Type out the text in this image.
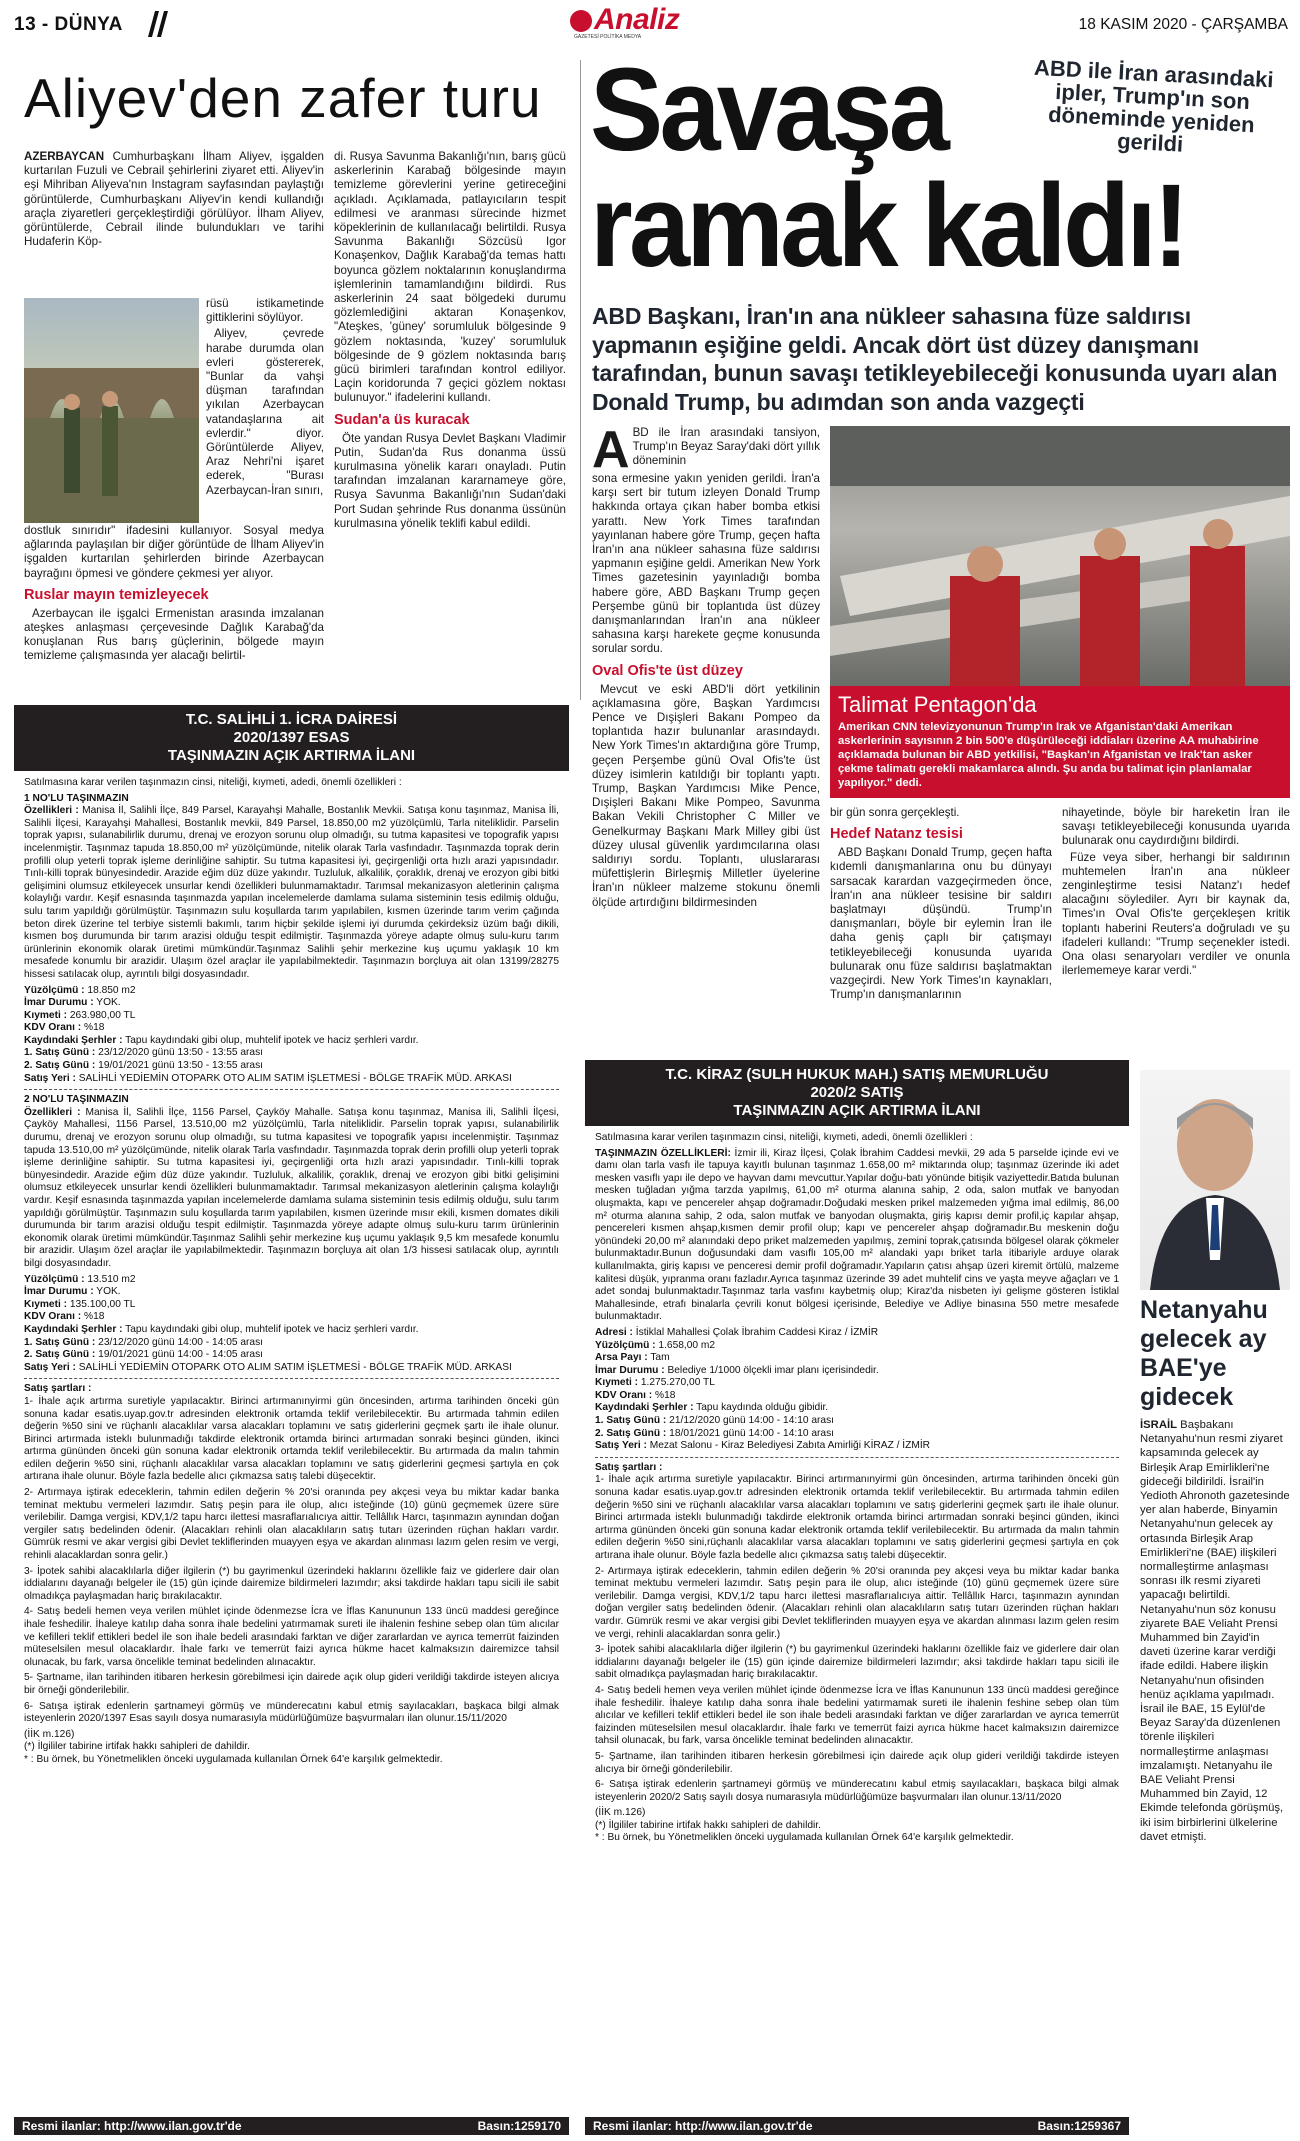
13 - DÜNYA	Analiz
GAZETESİ POLİTİKA MEDYA
18 KASIM 2020 - ÇARŞAMBA
Aliyev'den zafer turu

AZERBAYCAN Cumhurbaşkanı İlham Aliyev, işgalden kurtarılan Fuzuli ve Cebrail şehirlerini ziyaret etti. Aliyev'in eşi Mihriban Aliyeva'nın Instagram sayfasından paylaştığı görüntülerde, Cumhurbaşkanı Aliyev'in kendi kullandığı araçla ziyaretleri gerçekleştirdiği görülüyor. İlham Aliyev, görüntülerde, Cebrail ilinde bulundukları ve tarihi Hudaferin Köp-

rüsü istikametinde gittiklerini söylüyor.

Aliyev, çevrede harabe durumda olan evleri göstererek, "Bunlar da vahşi düşman tarafından yıkılan Azerbaycan vatandaşlarına ait evlerdir." diyor. Görüntülerde Aliyev, Araz Nehri'ni işaret ederek, "Burası Azerbaycan-İran sınırı,

dostluk sınırıdır" ifadesini kullanıyor. Sosyal medya ağlarında paylaşılan bir diğer görüntüde de İlham Aliyev'in işgalden kurtarılan şehirlerden birinde Azerbaycan bayrağını öpmesi ve göndere çekmesi yer alıyor.

Ruslar mayın temizleyecek

Azerbaycan ile işgalci Ermenistan arasında imzalanan ateşkes anlaşması çerçevesinde Dağlık Karabağ'da konuşlanan Rus barış güçlerinin, bölgede mayın temizleme çalışmasında yer alacağı belirtil-

di. Rusya Savunma Bakanlığı'nın, barış gücü askerlerinin Karabağ bölgesinde mayın temizleme görevlerini yerine getireceğini açıkladı. Açıklamada, patlayıcıların tespit edilmesi ve aranması sürecinde hizmet köpeklerinin de kullanılacağı belirtildi. Rusya Savunma Bakanlığı Sözcüsü Igor Konaşenkov, Dağlık Karabağ'da temas hattı boyunca gözlem noktalarının konuşlandırma işlemlerinin tamamlandığını bildirdi. Rus askerlerinin 24 saat bölgedeki durumu gözlemlediğini aktaran Konaşenkov, "Ateşkes, 'güney' sorumluluk bölgesinde 9 gözlem noktasında, 'kuzey' sorumluluk bölgesinde de 9 gözlem noktasında barış gücü birimleri tarafından kontrol ediliyor. Laçin koridorunda 7 geçici gözlem noktası bulunuyor." ifadelerini kullandı.

Sudan'a üs kuracak

Öte yandan Rusya Devlet Başkanı Vladimir Putin, Sudan'da Rus donanma üssü kurulmasına yönelik kararı onayladı. Putin tarafından imzalanan kararnameye göre, Rusya Savunma Bakanlığı'nın Sudan'daki Port Sudan şehrinde Rus donanma üssünün kurulmasına yönelik teklifi kabul edildi.

Savaşa
ramak kaldı!
ABD ile İran arasındaki ipler, Trump'ın son döneminde yeniden gerildi
ABD Başkanı, İran'ın ana nükleer sahasına füze saldırısı yapmanın eşiğine geldi. Ancak dört üst düzey danışmanı tarafından, bunun savaşı tetikleyebileceği konusunda uyarı alan Donald Trump, bu adımdan son anda vazgeçti
A BD ile İran arasındaki tansiyon, Trump'ın Beyaz Saray'daki dört yıllık döneminin

sona ermesine yakın yeniden gerildi. İran'a karşı sert bir tutum izleyen Donald Trump hakkında ortaya çıkan haber bomba etkisi yarattı. New York Times tarafından yayınlanan habere göre Trump, geçen hafta İran'ın ana nükleer sahasına füze saldırısı yapmanın eşiğine geldi. Amerikan New York Times gazetesinin yayınladığı bomba habere göre, ABD Başkanı Trump geçen Perşembe günü bir toplantıda üst düzey danışmanlarından İran'ın ana nükleer sahasına karşı harekete geçme konusunda sorular sordu.

Oval Ofis'te üst düzey

Mevcut ve eski ABD'li dört yetkilinin açıklamasına göre, Başkan Yardımcısı Pence ve Dışişleri Bakanı Pompeo da toplantıda hazır bulunanlar arasındaydı. New York Times'ın aktardığına göre Trump, geçen Perşembe günü Oval Ofis'te üst düzey isimlerin katıldığı bir toplantı yaptı. Trump, Başkan Yardımcısı Mike Pence, Dışişleri Bakanı Mike Pompeo, Savunma Bakan Vekili Christopher C Miller ve Genelkurmay Başkanı Mark Milley gibi üst düzey ulusal güvenlik yardımcılarına olası saldırıyı sordu. Toplantı, uluslararası müfettişlerin Birleşmiş Milletler üyelerine İran'ın nükleer malzeme stokunu önemli ölçüde artırdığını bildirmesinden

Talimat Pentagon'da
Amerikan CNN televizyonunun Trump'ın Irak ve Afganistan'daki Amerikan askerlerinin sayısının 2 bin 500'e düşürüleceği iddiaları üzerine AA muhabirine açıklamada bulunan bir ABD yetkilisi, "Başkan'ın Afganistan ve Irak'tan asker çekme talimatı gerekli makamlarca alındı. Şu anda bu talimat için planlamalar yapılıyor." dedi.

bir gün sonra gerçekleşti.

Hedef Natanz tesisi

ABD Başkanı Donald Trump, geçen hafta kıdemli danışmanlarına onu bu dünyayı sarsacak karardan vazgeçirmeden önce, İran'ın ana nükleer tesisine bir saldırı başlatmayı düşündü. Trump'ın danışmanları, böyle bir eylemin İran ile daha geniş çaplı bir çatışmayı tetikleyebileceği konusunda uyarıda bulunarak onu füze saldırısı başlatmaktan vazgeçirdi. New York Times'ın kaynakları, Trump'ın danışmanlarının

nihayetinde, böyle bir hareketin İran ile savaşı tetikleyebileceği konusunda uyarıda bulunarak onu caydırdığını bildirdi.

Füze veya siber, herhangi bir saldırının muhtemelen İran'ın ana nükleer zenginleştirme tesisi Natanz'ı hedef alacağını söylediler. Ayrı bir kaynak da, Times'ın Oval Ofis'te gerçekleşen kritik toplantı haberini Reuters'a doğruladı ve şu ifadeleri kullandı: "Trump seçenekler istedi. Ona olası senaryoları verdiler ve onunla ilerlememeye karar verdi."

T.C. SALİHLİ 1. İCRA DAİRESİ
2020/1397 ESAS
TAŞINMAZIN AÇIK ARTIRMA İLANI

Satılmasına karar verilen taşınmazın cinsi, niteliği, kıymeti, adedi, önemli özellikleri :

1 NO'LU TAŞINMAZIN

Özellikleri : Manisa İl, Salihli İlçe, 849 Parsel, Karayahşi Mahalle, Bostanlık Mevkii. Satışa konu taşınmaz, Manisa İli, Salihli İlçesi, Karayahşi Mahallesi, Bostanlık mevkii, 849 Parsel, 18.850,00 m2 yüzölçümlü, Tarla niteliklidir. Parselin toprak yapısı, sulanabilirlik durumu, drenaj ve erozyon sorunu olup olmadığı, su tutma kapasitesi ve topografik yapısı incelenmiştir. Taşınmaz tapuda 18.850,00 m² yüzölçümünde, nitelik olarak Tarla vasfındadır. Taşınmazda toprak derin profilli olup yeterli toprak işleme derinliğine sahiptir. Su tutma kapasitesi iyi, geçirgenliği orta hızlı arazi yapısındadır. Tınlı-killi toprak bünyesindedir. Arazide eğim düz düze yakındır. Tuzluluk, alkalilik, çoraklık, drenaj ve erozyon gibi bitki gelişimini olumsuz etkileyecek unsurlar kendi özellikleri bulunmamaktadır. Tarımsal mekanizasyon aletlerinin çalışma kolaylığı vardır. Keşif esnasında taşınmazda yapılan incelemelerde damlama sulama sisteminin tesis edilmiş olduğu, sulu tarım yapıldığı görülmüştür. Taşınmazın sulu koşullarda tarım yapılabilen, kısmen üzerinde tarım verim çağında beton direk üzerine tel terbiye sistemli bakımlı, tarım hiçbir şekilde işlemi iyi durumda çekirdeksiz üzüm bağı dikili, kısmen boş durumunda bir tarım arazisi olduğu tespit edilmiştir. Taşınmazda yöreye adapte olmuş sulu-kuru tarım ürünlerinin ekonomik olarak üretimi mümkündür.Taşınmaz Salihli şehir merkezine kuş uçumu yaklaşık 10 km mesafede konumlu bir arazidir. Ulaşım özel araçlar ile yapılabilmektedir. Taşınmazın borçluya ait olan 13199/28275 hissesi satılacak olup, ayrıntılı bilgi dosyasındadır.

Yüzölçümü : 18.850 m2
İmar Durumu : YOK.
Kıymeti : 263.980,00 TL
KDV Oranı : %18
Kaydındaki Şerhler : Tapu kaydındaki gibi olup, muhtelif ipotek ve haciz şerhleri vardır.
1. Satış Günü : 23/12/2020 günü 13:50 - 13:55 arası
2. Satış Günü : 19/01/2021 günü 13:50 - 13:55 arası

Satış Yeri : SALİHLİ YEDİEMİN OTOPARK OTO ALIM SATIM İŞLETMESİ - BÖLGE TRAFİK MÜD. ARKASI

2 NO'LU TAŞINMAZIN

Özellikleri : Manisa İl, Salihli İlçe, 1156 Parsel, Çayköy Mahalle. Satışa konu taşınmaz, Manisa ili, Salihli İlçesi, Çayköy Mahallesi, 1156 Parsel, 13.510,00 m2 yüzölçümlü, Tarla niteliklidir. Parselin toprak yapısı, sulanabilirlik durumu, drenaj ve erozyon sorunu olup olmadığı, su tutma kapasitesi ve topografik yapısı incelenmiştir. Taşınmaz tapuda 13.510,00 m² yüzölçümünde, nitelik olarak Tarla vasfındadır. Taşınmazda toprak derin profilli olup yeterli toprak işleme derinliğine sahiptir. Su tutma kapasitesi iyi, geçirgenliği orta hızlı arazi yapısındadır. Tınlı-killi toprak bünyesindedir. Arazide eğim düz düze yakındır. Tuzluluk, alkalilik, çoraklık, drenaj ve erozyon gibi bitki gelişimini olumsuz etkileyecek unsurlar kendi özellikleri bulunmamaktadır. Tarımsal mekanizasyon aletlerinin çalışma kolaylığı vardır. Keşif esnasında taşınmazda yapılan incelemelerde damlama sulama sisteminin tesis edilmiş olduğu, sulu tarım yapıldığı görülmüştür. Taşınmazın sulu koşullarda tarım yapılabilen, kısmen üzerinde mısır ekili, kısmen domates dikili durumunda bir tarım arazisi olduğu tespit edilmiştir. Taşınmazda yöreye adapte olmuş sulu-kuru tarım ürünlerinin ekonomik olarak üretimi mümkündür.Taşınmaz Salihli şehir merkezine kuş uçumu yaklaşık 9,5 km mesafede konumlu bir arazidir. Ulaşım özel araçlar ile yapılabilmektedir. Taşınmazın borçluya ait olan 1/3 hissesi satılacak olup, ayrıntılı bilgi dosyasındadır.

Yüzölçümü : 13.510 m2
İmar Durumu : YOK.
Kıymeti : 135.100,00 TL
KDV Oranı : %18
Kaydındaki Şerhler : Tapu kaydındaki gibi olup, muhtelif ipotek ve haciz şerhleri vardır.
1. Satış Günü : 23/12/2020 günü 14:00 - 14:05 arası
2. Satış Günü : 19/01/2021 günü 14:00 - 14:05 arası

Satış Yeri : SALİHLİ YEDİEMİN OTOPARK OTO ALIM SATIM İŞLETMESİ - BÖLGE TRAFİK MÜD. ARKASI

Satış şartları :

1- İhale açık artırma suretiyle yapılacaktır. Birinci artırmanınyirmi gün öncesinden, artırma tarihinden önceki gün sonuna kadar esatis.uyap.gov.tr adresinden elektronik ortamda teklif verilebilecektir. Bu artırmada tahmin edilen değerin %50 sini ve rüçhanlı alacaklılar varsa alacakları toplamını ve satış giderlerini geçmek şartı ile ihale olunur. Birinci artırmada isteklı bulunmadığı takdirde elektronik ortamda birinci artırmadan sonraki beşinci günden, ikinci artırma gününden önceki gün sonuna kadar elektronik ortamda teklif verilebilecektir. Bu artırmada da malın tahmin edilen değerin %50 sini, rüçhanlı alacaklılar varsa alacakları toplamını ve satış giderlerini geçmesi şartıyla en çok artırana ihale olunur. Böyle fazla bedelle alıcı çıkmazsa satış talebi düşecektir.

2- Artırmaya iştirak edeceklerin, tahmin edilen değerin % 20'si oranında pey akçesi veya bu miktar kadar banka teminat mektubu vermeleri lazımdır. Satış peşin para ile olup, alıcı isteğinde (10) günü geçmemek üzere süre verilebilir. Damga vergisi, KDV,1/2 tapu harcı ilettesi masraflarıalıcıya aittir. Tellâllık Harcı, taşınmazın aynından doğan vergiler satış bedelinden ödenir. (Alacakları rehinli olan alacaklıların satış tutarı üzerinden rüçhan hakları vardır. Gümrük resmi ve akar vergisi gibi Devlet tekliflerinden muayyen eşya ve akardan alınması lazım gelen resim ve vergi, rehinli alacaklardan sonra gelir.)

3- İpotek sahibi alacaklılarla diğer ilgilerin (*) bu gayrimenkul üzerindeki haklarını özellikle faiz ve giderlere dair olan iddialarını dayanağı belgeler ile (15) gün içinde dairemize bildirmeleri lazımdır; aksi takdirde hakları tapu sicili ile sabit olmadıkça paylaşmadan hariç bırakılacaktır.

4- Satış bedeli hemen veya verilen mühlet içinde ödenmezse İcra ve İflas Kanununun 133 üncü maddesi gereğince ihale feshedilir. İhaleye katılıp daha sonra ihale bedelini yatırmamak sureti ile ihalenin feshine sebep olan tüm alıcılar ve kefilleri teklif ettikleri bedel ile son ihale bedeli arasındaki farktan ve diğer zararlardan ve ayrıca temerrüt faizinden müteselsilen mesul olacaklardır. İhale farkı ve temerrüt faizi ayrıca hükme hacet kalmaksızın dairemizce tahsil olunacak, bu fark, varsa öncelikle teminat bedelinden alınacaktır.

5- Şartname, ilan tarihinden itibaren herkesin görebilmesi için dairede açık olup gideri verildiği takdirde isteyen alıcıya bir örneği gönderilebilir.

6- Satışa iştirak edenlerin şartnameyi görmüş ve münderecatını kabul etmiş sayılacakları, başkaca bilgi almak isteyenlerin 2020/1397 Esas sayılı dosya numarasıyla müdürlüğümüze başvurmaları ilan olunur.15/11/2020

(İİK m.126)
(*) İlgililer tabirine irtifak hakkı sahipleri de dahildir.
* : Bu örnek, bu Yönetmeliklen önceki uygulamada kullanılan Örnek 64'e karşılık gelmektedir.
Resmi ilanlar: http://www.ilan.gov.tr'de	Basın:1259170
T.C. KİRAZ (SULH HUKUK MAH.) SATIŞ MEMURLUĞU
2020/2 SATIŞ
TAŞINMAZIN AÇIK ARTIRMA İLANI

Satılmasına karar verilen taşınmazın cinsi, niteliği, kıymeti, adedi, önemli özellikleri :

TAŞINMAZIN ÖZELLİKLERİ: İzmir ili, Kiraz İlçesi, Çolak İbrahim Caddesi mevkii, 29 ada 5 parselde içinde evi ve damı olan tarla vasfı ile tapuya kayıtlı bulunan taşınmaz 1.658,00 m² miktarında olup; taşınmaz üzerinde iki adet mesken vasıflı yapı ile depo ve hayvan damı mevcuttur.Yapılar doğu-batı yönünde bitişik vaziyettedir.Batıda bulunan mesken tuğladan yığma tarzda yapılmış, 61,00 m² oturma alanına sahip, 2 oda, salon mutfak ve banyodan oluşmakta, kapı ve pencereler ahşap doğramadır.Doğudaki mesken prikel malzemeden yığma imal edilmiş, 86,00 m² oturma alanına sahip, 2 oda, salon mutfak ve banyodan oluşmakta, giriş kapısı demir profil,iç kapılar ahşap, pencereleri kısmen ahşap,kısmen demir profil olup; kapı ve pencereler ahşap doğramadır.Bu meskenin doğu yönündeki 20,00 m² alanındaki depo priket malzemeden yapılmış, zemini toprak,çatısında bölgesel olarak çökmeler bulunmaktadır.Bunun doğusundaki dam vasıflı 105,00 m² alandaki yapı briket tarla itibariyle arduye olarak kullanılmakta, giriş kapısı ve penceresi demir profil doğramadır.Yapıların çatısı ahşap üzeri kiremit örtülü, malzeme kalitesi düşük, yıpranma oranı fazladır.Ayrıca taşınmaz üzerinde 39 adet muhtelif cins ve yaşta meyve ağaçları ve 1 adet sondaj bulunmaktadır.Taşınmaz tarla vasfını kaybetmiş olup; Kiraz'da nisbeten iyi gelişme gösteren İstiklal Mahallesinde, etrafı binalarla çevrili konut bölgesi içerisinde, Belediye ve Adliye binasına 550 metre mesafede bulunmaktadır.

Adresi : İstiklal Mahallesi Çolak İbrahim Caddesi Kiraz / İZMİR
Yüzölçümü : 1.658,00 m2
Arsa Payı : Tam
İmar Durumu : Belediye 1/1000 ölçekli imar planı içerisindedir.
Kıymeti : 1.275.270,00 TL
KDV Oranı : %18
Kaydındaki Şerhler : Tapu kaydında olduğu gibidir.
1. Satış Günü : 21/12/2020 günü 14:00 - 14:10 arası
2. Satış Günü : 18/01/2021 günü 14:00 - 14:10 arası

Satış Yeri : Mezat Salonu - Kiraz Belediyesi Zabıta Amirliği KİRAZ / İZMİR

Satış şartları :

1- İhale açık artırma suretiyle yapılacaktır. Birinci artırmanınyirmi gün öncesinden, artırma tarihinden önceki gün sonuna kadar esatis.uyap.gov.tr adresinden elektronik ortamda teklif verilebilecektir. Bu artırmada tahmin edilen değerin %50 sini ve rüçhanlı alacaklılar varsa alacakları toplamını ve satış giderlerini geçmek şartı ile ihale olunur. Birinci artırmada isteklı bulunmadığı takdirde elektronik ortamda birinci artırmadan sonraki beşinci günden, ikinci artırma gününden önceki gün sonuna kadar elektronik ortamda teklif verilebilecektir. Bu artırmada da malın tahmin edilen değerin %50 sini,rüçhanlı alacaklılar varsa alacakları toplamını ve satış giderlerini geçmesi şartıyla en çok artırana ihale olunur. Böyle fazla bedelle alıcı çıkmazsa satış talebi düşecektir.

2- Artırmaya iştirak edeceklerin, tahmin edilen değerin % 20'si oranında pey akçesi veya bu miktar kadar banka teminat mektubu vermeleri lazımdır. Satış peşin para ile olup, alıcı isteğinde (10) günü geçmemek üzere süre verilebilir. Damga vergisi, KDV,1/2 tapu harcı ilettesi masraflarıalıcıya aittir. Tellâllık Harcı, taşınmazın aynından doğan vergiler satış bedelinden ödenir. (Alacakları rehinli olan alacaklıların satış tutarı üzerinden rüçhan hakları vardır. Gümrük resmi ve akar vergisi gibi Devlet tekliflerinden muayyen eşya ve akardan alınması lazım gelen resim ve vergi, rehinli alacaklardan sonra gelir.)

3- İpotek sahibi alacaklılarla diğer ilgilerin (*) bu gayrimenkul üzerindeki haklarını özellikle faiz ve giderlere dair olan iddialarını dayanağı belgeler ile (15) gün içinde dairemize bildirmeleri lazımdır; aksi takdirde hakları tapu sicili ile sabit olmadıkça paylaşmadan hariç bırakılacaktır.

4- Satış bedeli hemen veya verilen mühlet içinde ödenmezse İcra ve İflas Kanununun 133 üncü maddesi gereğince ihale feshedilir. İhaleye katılıp daha sonra ihale bedelini yatırmamak sureti ile ihalenin feshine sebep olan tüm alıcılar ve kefilleri teklif ettikleri bedel ile son ihale bedeli arasındaki farktan ve diğer zararlardan ve ayrıca temerrüt faizinden müteselsilen mesul olacaklardır. İhale farkı ve temerrüt faizi ayrıca hükme hacet kalmaksızın dairemizce tahsil olunacak, bu fark, varsa öncelikle teminat bedelinden alınacaktır.

5- Şartname, ilan tarihinden itibaren herkesin görebilmesi için dairede açık olup gideri verildiği takdirde isteyen alıcıya bir örneği gönderilebilir.

6- Satışa iştirak edenlerin şartnameyi görmüş ve münderecatını kabul etmiş sayılacakları, başkaca bilgi almak isteyenlerin 2020/2 Satış sayılı dosya numarasıyla müdürlüğümüze başvurmaları ilan olunur.13/11/2020

(İİK m.126)
(*) İlgililer tabirine irtifak hakkı sahipleri de dahildir.
* : Bu örnek, bu Yönetmeliklen önceki uygulamada kullanılan Örnek 64'e karşılık gelmektedir.
Resmi ilanlar: http://www.ilan.gov.tr'de	Basın:1259367
Netanyahu gelecek ay BAE'ye gidecek

İSRAİL Başbakanı Netanyahu'nun resmi ziyaret kapsamında gelecek ay Birleşik Arap Emirlikleri'ne gideceği bildirildi. İsrail'in Yedioth Ahronoth gazetesinde yer alan haberde, Binyamin Netanyahu'nun gelecek ay ortasında Birleşik Arap Emirlikleri'ne (BAE) ilişkileri normalleştirme anlaşması sonrası ilk resmi ziyareti yapacağı belirtildi. Netanyahu'nun söz konusu ziyarete BAE Veliaht Prensi Muhammed bin Zayid'in daveti üzerine karar verdiği ifade edildi. Habere ilişkin Netanyahu'nun ofisinden henüz açıklama yapılmadı. İsrail ile BAE, 15 Eylül'de Beyaz Saray'da düzenlenen törenle ilişkileri normalleştirme anlaşması imzalamıştı. Netanyahu ile BAE Veliaht Prensi Muhammed bin Zayid, 12 Ekimde telefonda görüşmüş, iki isim birbirlerini ülkelerine davet etmişti.
